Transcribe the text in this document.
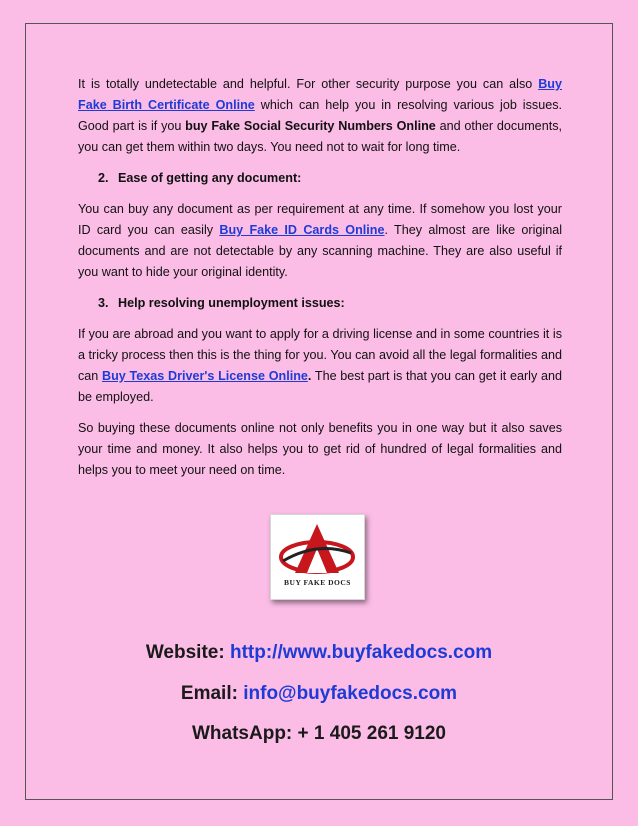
It is totally undetectable and helpful. For other security purpose you can also Buy Fake Birth Certificate Online which can help you in resolving various job issues. Good part is if you buy Fake Social Security Numbers Online and other documents, you can get them within two days. You need not to wait for long time.

2. Ease of getting any document:

You can buy any document as per requirement at any time. If somehow you lost your ID card you can easily Buy Fake ID Cards Online. They almost are like original documents and are not detectable by any scanning machine. They are also useful if you want to hide your original identity.

3. Help resolving unemployment issues:

If you are abroad and you want to apply for a driving license and in some countries it is a tricky process then this is the thing for you. You can avoid all the legal formalities and can Buy Texas Driver's License Online. The best part is that you can get it early and be employed.

So buying these documents online not only benefits you in one way but it also saves your time and money. It also helps you to get rid of hundred of legal formalities and helps you to meet your need on time.

BUY FAKE DOCS
Website: http://www.buyfakedocs.com
Email: info@buyfakedocs.com
WhatsApp: + 1 405 261 9120
